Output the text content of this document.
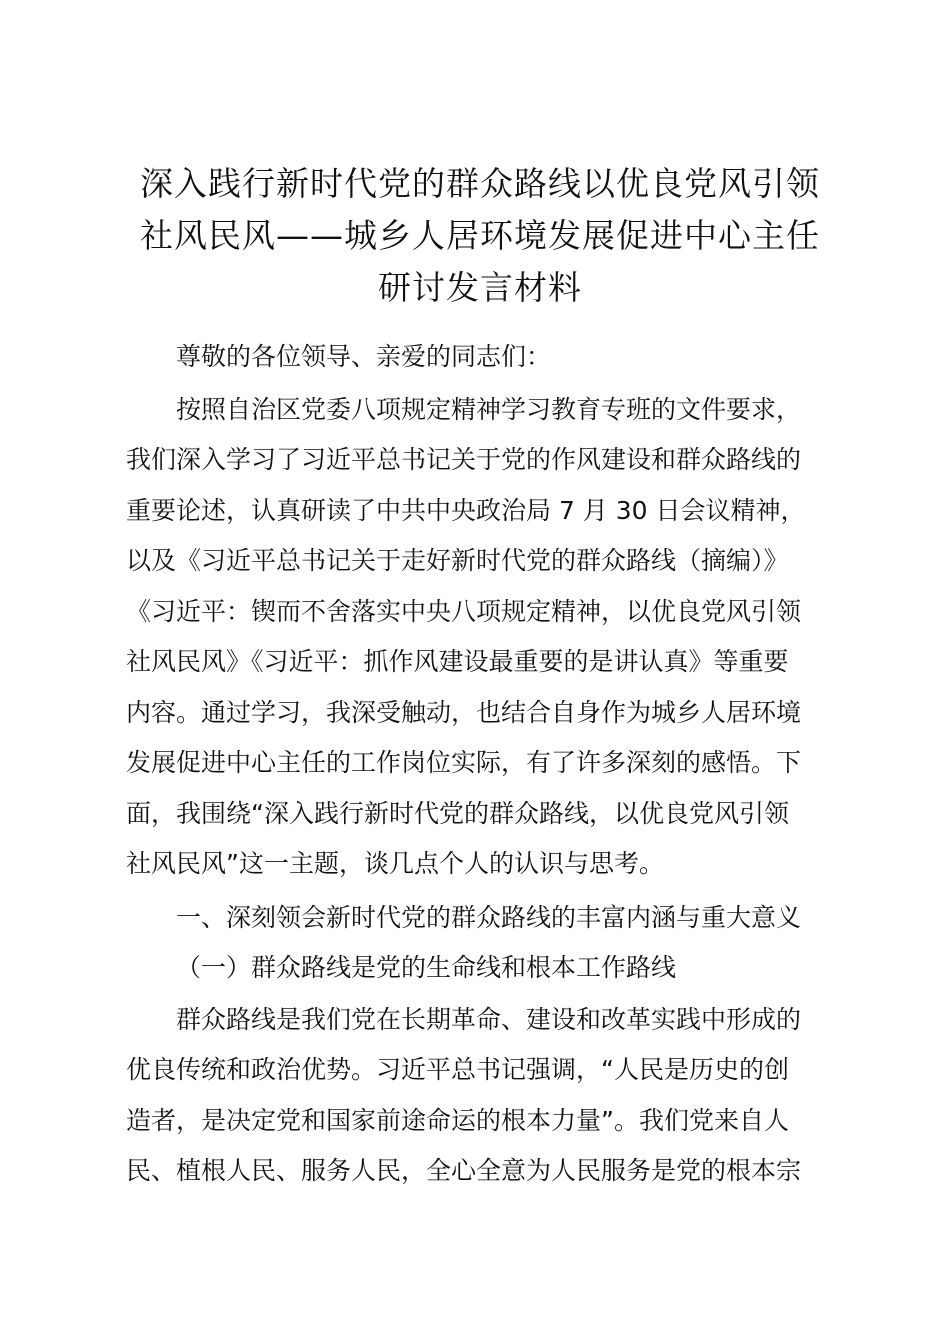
深入践行新时代党的群众路线以优良党风引领
社风民风——城乡人居环境发展促进中心主任
研讨发言材料
尊敬的各位领导、亲爱的同志们：
按照自治区党委八项规定精神学习教育专班的文件要求，
我们深入学习了习近平总书记关于党的作风建设和群众路线的
重要论述，认真研读了中共中央政治局 7 月 30 日会议精神，
以及《习近平总书记关于走好新时代党的群众路线（摘编）》
《习近平：锲而不舍落实中央八项规定精神，以优良党风引领
社风民风》《习近平：抓作风建设最重要的是讲认真》等重要
内容。通过学习，我深受触动，也结合自身作为城乡人居环境
发展促进中心主任的工作岗位实际，有了许多深刻的感悟。下
面，我围绕“深入践行新时代党的群众路线，以优良党风引领
社风民风”这一主题，谈几点个人的认识与思考。
一、深刻领会新时代党的群众路线的丰富内涵与重大意义
（一）群众路线是党的生命线和根本工作路线
群众路线是我们党在长期革命、建设和改革实践中形成的
优良传统和政治优势。习近平总书记强调，“人民是历史的创
造者，是决定党和国家前途命运的根本力量”。我们党来自人
民、植根人民、服务人民，全心全意为人民服务是党的根本宗
